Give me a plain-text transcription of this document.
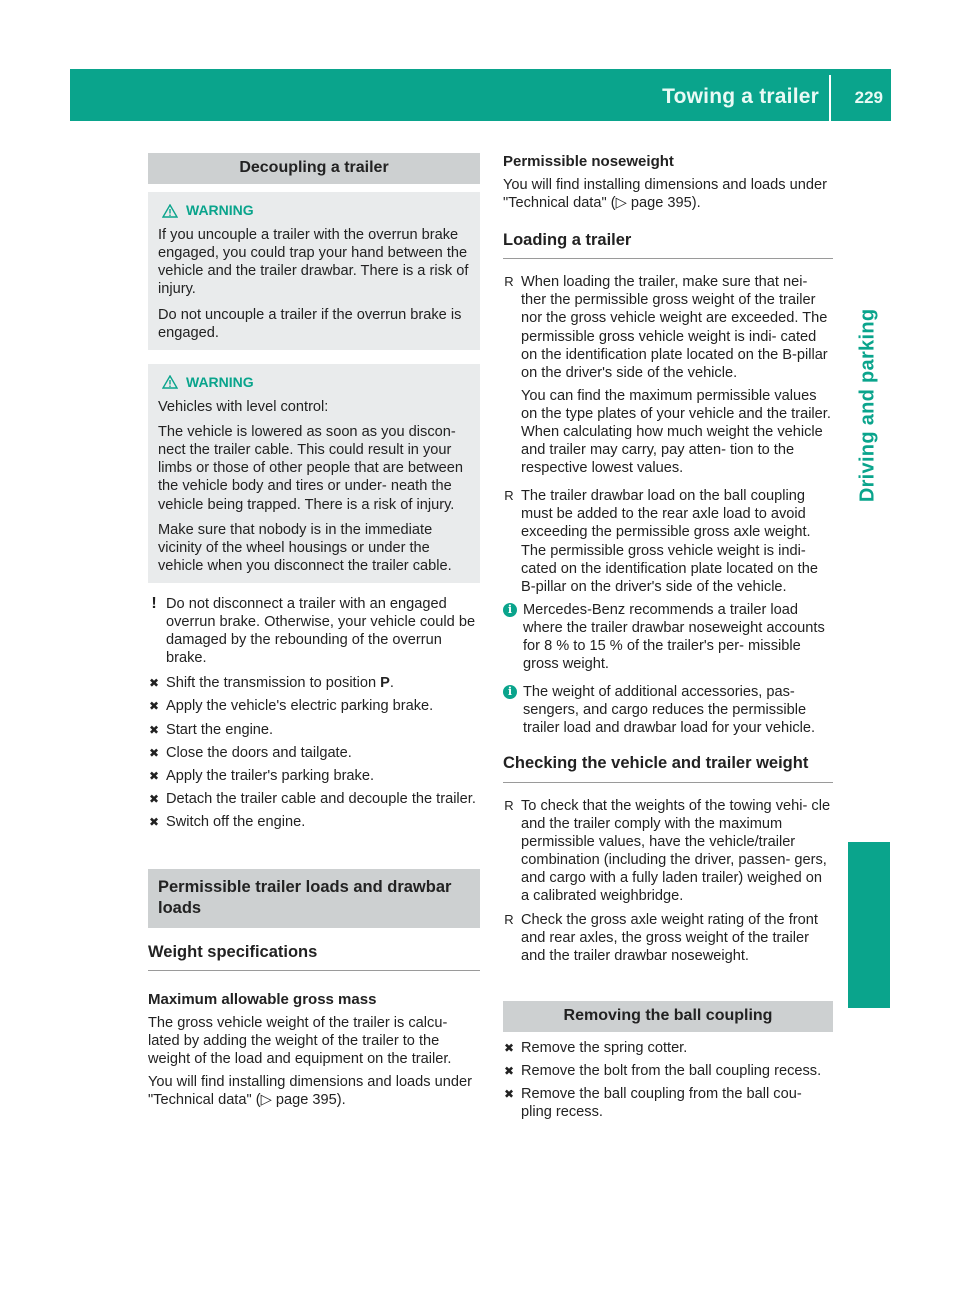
Towing a trailer 229
Driving and parking
Decoupling a trailer
WARNING

If you uncouple a trailer with the overrun brake engaged, you could trap your hand between the vehicle and the trailer drawbar. There is a risk of injury.

Do not uncouple a trailer if the overrun brake is engaged.

WARNING

Vehicles with level control:

The vehicle is lowered as soon as you discon- nect the trailer cable. This could result in your limbs or those of other people that are between the vehicle body and tires or under- neath the vehicle being trapped. There is a risk of injury.

Make sure that nobody is in the immediate vicinity of the wheel housings or under the vehicle when you disconnect the trailer cable.

! Do not disconnect a trailer with an engaged overrun brake. Otherwise, your vehicle could be damaged by the rebounding of the overrun brake.
✖ Shift the transmission to position P.
✖ Apply the vehicle's electric parking brake.
✖ Start the engine.
✖ Close the doors and tailgate.
✖ Apply the trailer's parking brake.
✖ Detach the trailer cable and decouple the trailer.
✖ Switch off the engine.
Permissible trailer loads and drawbar loads
Weight specifications
Maximum allowable gross mass

The gross vehicle weight of the trailer is calcu- lated by adding the weight of the trailer to the weight of the load and equipment on the trailer.

You will find installing dimensions and loads under "Technical data" (▷ page 395).

Permissible noseweight

You will find installing dimensions and loads under "Technical data" (▷ page 395).

Loading a trailer
R When loading the trailer, make sure that nei- ther the permissible gross weight of the trailer nor the gross vehicle weight are exceeded. The permissible gross vehicle weight is indi- cated on the identification plate located on the B-pillar on the driver's side of the vehicle.

You can find the maximum permissible values on the type plates of your vehicle and the trailer. When calculating how much weight the vehicle and trailer may carry, pay atten- tion to the respective lowest values.

R The trailer drawbar load on the ball coupling must be added to the rear axle load to avoid exceeding the permissible gross axle weight. The permissible gross vehicle weight is indi- cated on the identification plate located on the B-pillar on the driver's side of the vehicle.
i Mercedes-Benz recommends a trailer load where the trailer drawbar noseweight accounts for 8 % to 15 % of the trailer's per- missible gross weight.
i The weight of additional accessories, pas- sengers, and cargo reduces the permissible trailer load and drawbar load for your vehicle.
Checking the vehicle and trailer weight
R To check that the weights of the towing vehi- cle and the trailer comply with the maximum permissible values, have the vehicle/trailer combination (including the driver, passen- gers, and cargo with a fully laden trailer) weighed on a calibrated weighbridge.
R Check the gross axle weight rating of the front and rear axles, the gross weight of the trailer and the trailer drawbar noseweight.
Removing the ball coupling
✖ Remove the spring cotter.
✖ Remove the bolt from the ball coupling recess.
✖ Remove the ball coupling from the ball cou- pling recess.
